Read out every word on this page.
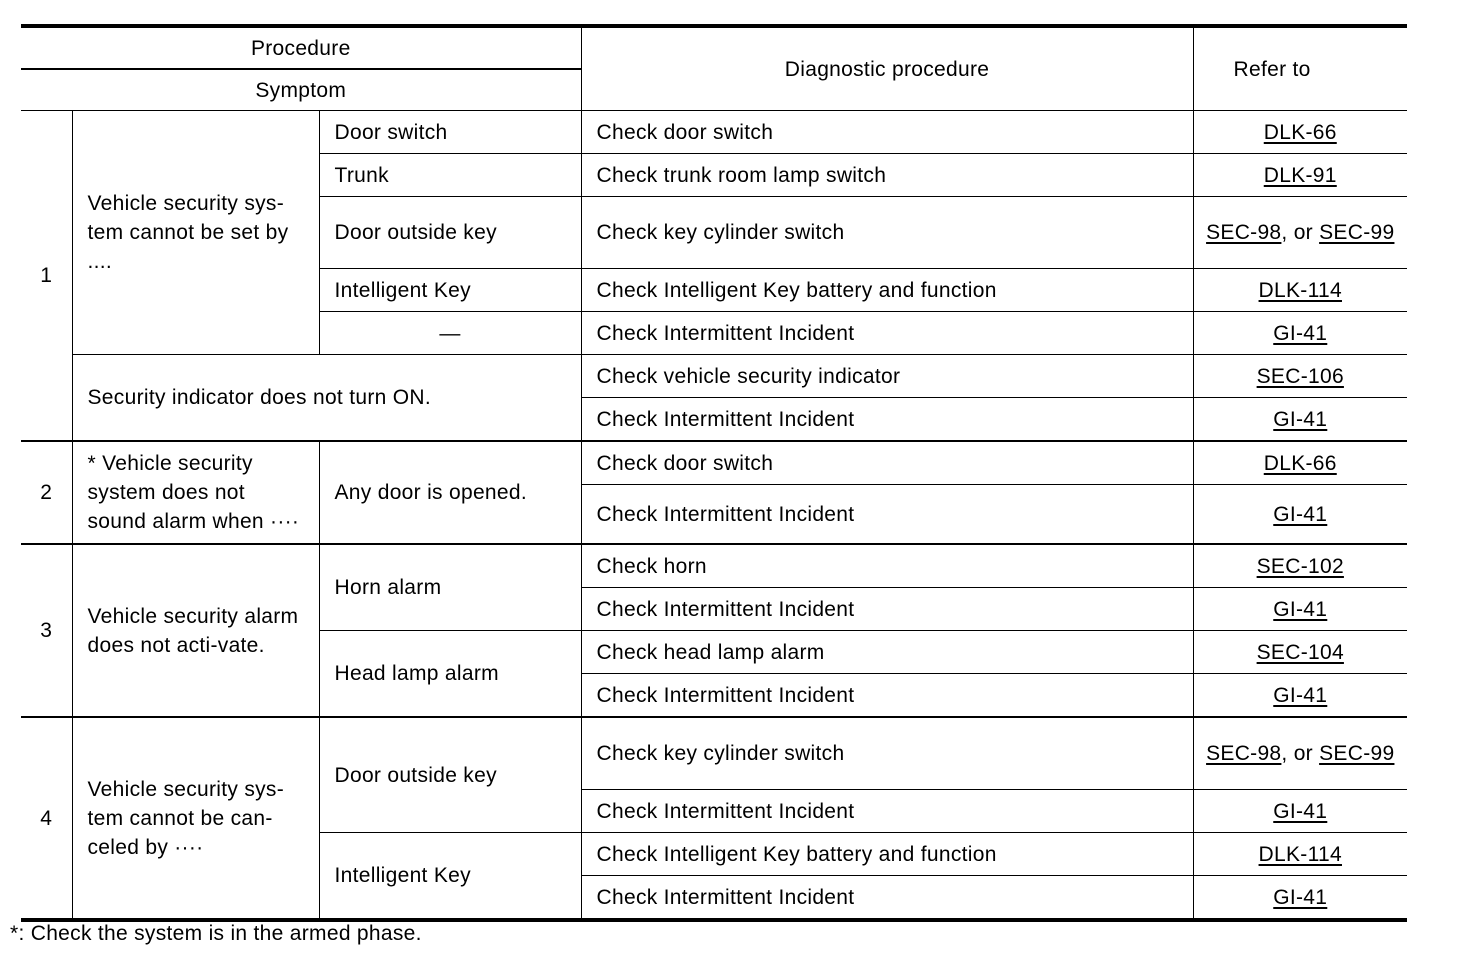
Procedure			Diagnostic procedure	Refer to
Symptom				
1	Vehicle security sys-tem cannot be set by ....	Door switch	Check door switch	DLK-66
		Trunk	Check trunk room lamp switch	DLK-91
		Door outside key	Check key cylinder switch	SEC-98, or SEC-99
		Intelligent Key	Check Intelligent Key battery and function	DLK-114
		—	Check Intermittent Incident	GI-41
	Security indicator does not turn ON.		Check vehicle security indicator	SEC-106
			Check Intermittent Incident	GI-41
2	* Vehicle security system does not sound alarm when ····	Any door is opened.	Check door switch	DLK-66
			Check Intermittent Incident	GI-41
3	Vehicle security alarm does not acti-vate.	Horn alarm	Check horn	SEC-102
			Check Intermittent Incident	GI-41
		Head lamp alarm	Check head lamp alarm	SEC-104
			Check Intermittent Incident	GI-41
4	Vehicle security sys-tem cannot be can-celed by ····	Door outside key	Check key cylinder switch	SEC-98, or SEC-99
			Check Intermittent Incident	GI-41
		Intelligent Key	Check Intelligent Key battery and function	DLK-114
			Check Intermittent Incident	GI-41
*: Check the system is in the armed phase.
